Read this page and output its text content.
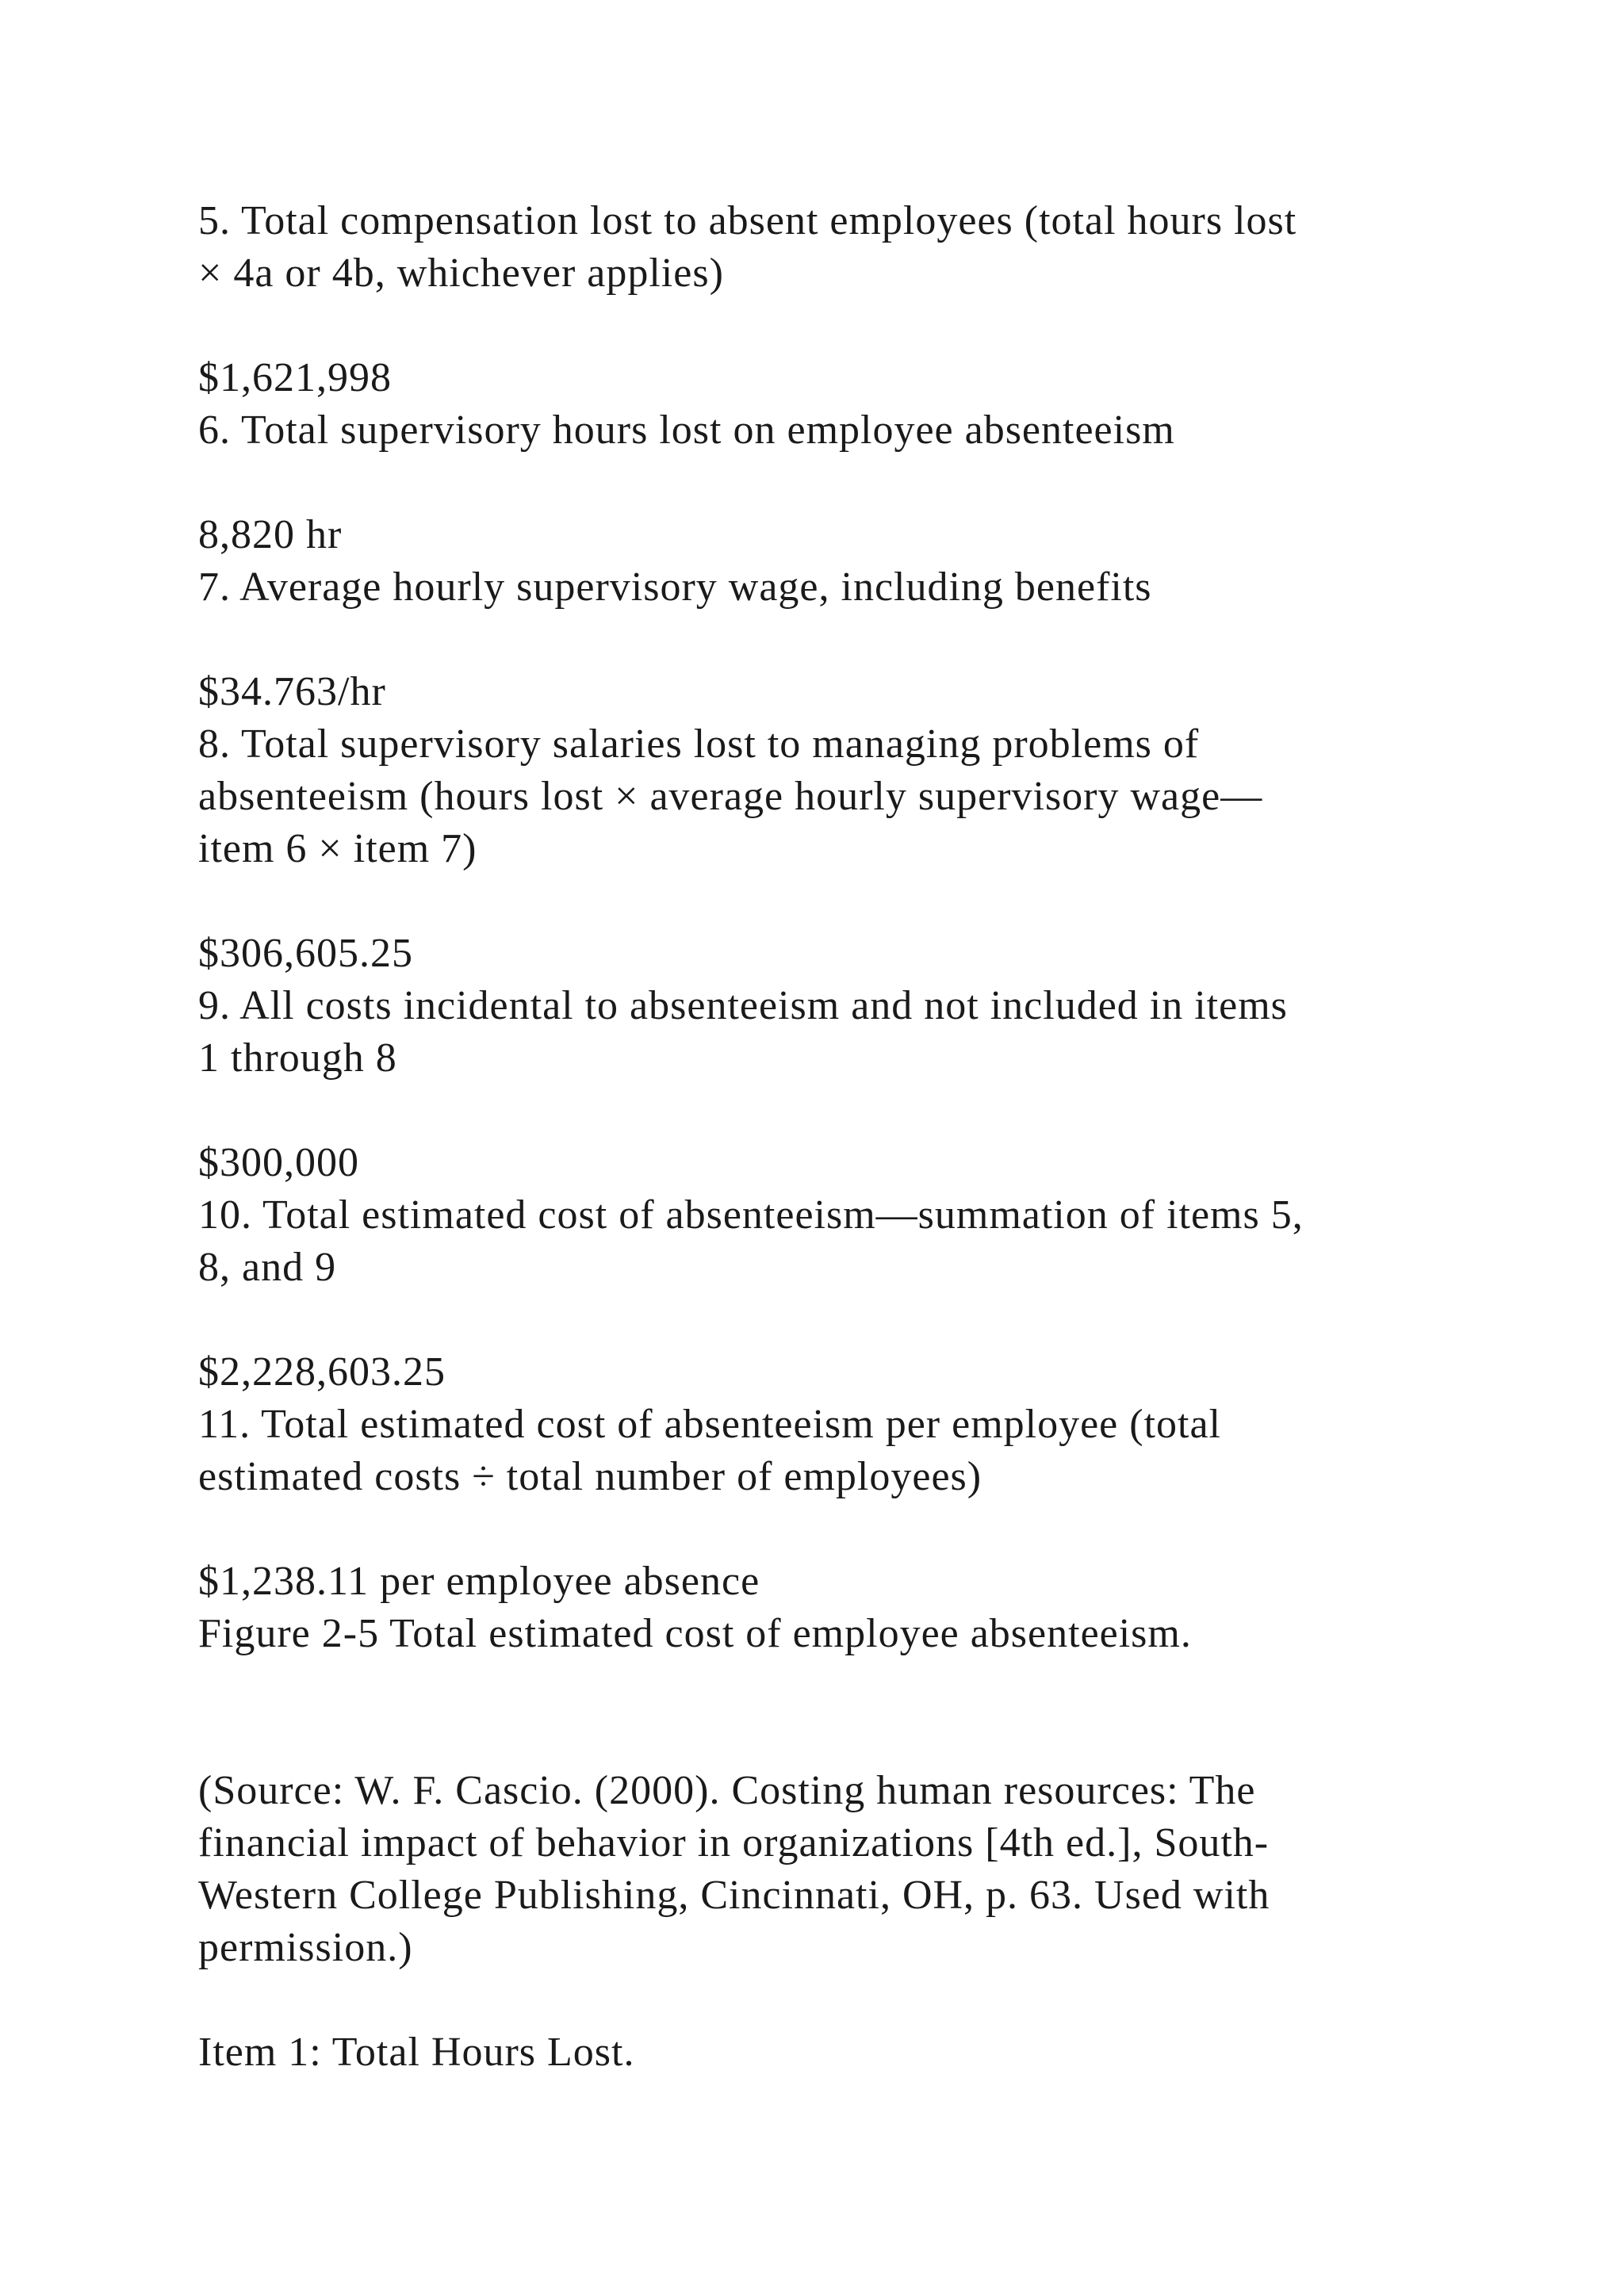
5. Total compensation lost to absent employees (total hours lost
× 4a or 4b, whichever applies)
$1,621,998
6. Total supervisory hours lost on employee absenteeism
8,820 hr
7. Average hourly supervisory wage, including benefits
$34.763/hr
8. Total supervisory salaries lost to managing problems of
absenteeism (hours lost × average hourly supervisory wage—
item 6 × item 7)
$306,605.25
9. All costs incidental to absenteeism and not included in items
1 through 8
$300,000
10. Total estimated cost of absenteeism—summation of items 5,
8, and 9
$2,228,603.25
11. Total estimated cost of absenteeism per employee (total
estimated costs ÷ total number of employees)
$1,238.11 per employee absence
Figure 2-5 Total estimated cost of employee absenteeism.
(Source: W. F. Cascio. (2000). Costing human resources: The
financial impact of behavior in organizations [4th ed.], South-
Western College Publishing, Cincinnati, OH, p. 63. Used with
permission.)
Item 1: Total Hours Lost.
